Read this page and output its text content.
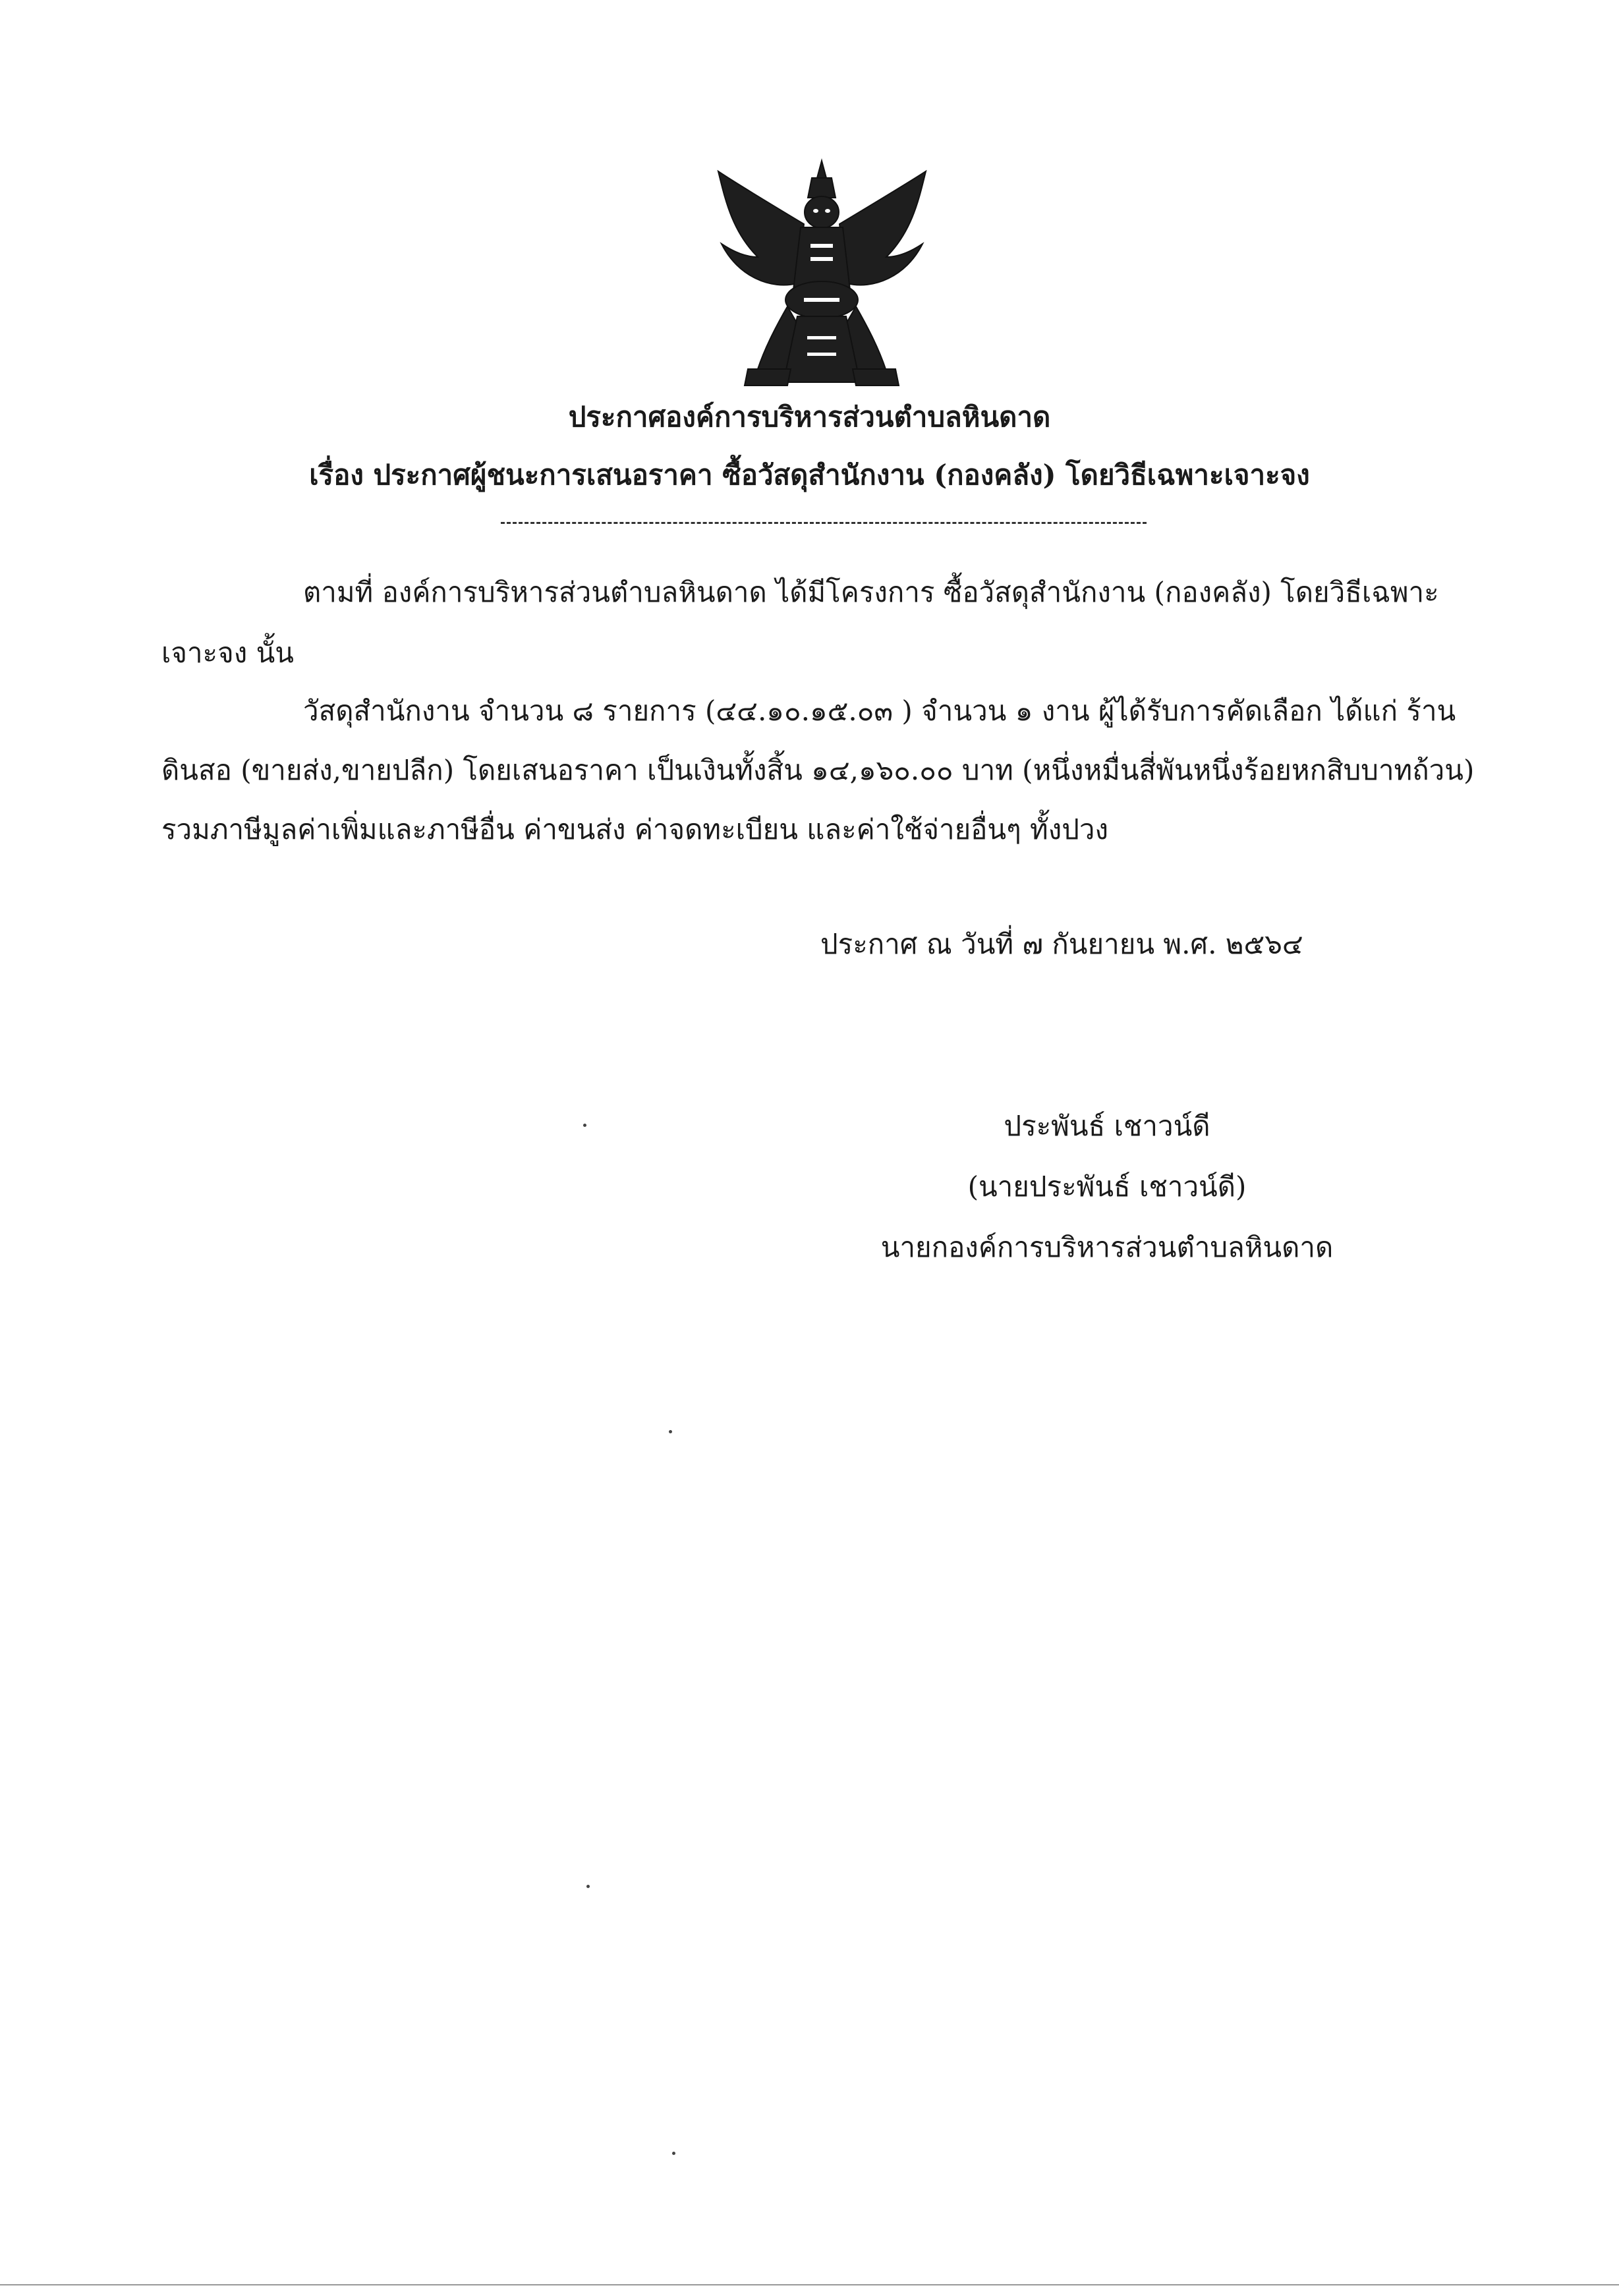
ประกาศองค์การบริหารส่วนตำบลหินดาด
เรื่อง ประกาศผู้ชนะการเสนอราคา ซื้อวัสดุสำนักงาน (กองคลัง) โดยวิธีเฉพาะเจาะจง
ตามที่ องค์การบริหารส่วนตำบลหินดาด ได้มีโครงการ ซื้อวัสดุสำนักงาน (กองคลัง) โดยวิธีเฉพาะ
เจาะจง นั้น
วัสดุสำนักงาน จำนวน ๘ รายการ (๔๔.๑๐.๑๕.๐๓ ) จำนวน ๑ งาน ผู้ได้รับการคัดเลือก ได้แก่ ร้าน
ดินสอ (ขายส่ง,ขายปลีก) โดยเสนอราคา เป็นเงินทั้งสิ้น ๑๔,๑๖๐.๐๐ บาท (หนึ่งหมื่นสี่พันหนึ่งร้อยหกสิบบาทถ้วน)
รวมภาษีมูลค่าเพิ่มและภาษีอื่น ค่าขนส่ง ค่าจดทะเบียน และค่าใช้จ่ายอื่นๆ ทั้งปวง
ประกาศ ณ วันที่ ๗ กันยายน พ.ศ. ๒๕๖๔
ประพันธ์ เชาวน์ดี
(นายประพันธ์ เชาวน์ดี)
นายกองค์การบริหารส่วนตำบลหินดาด
